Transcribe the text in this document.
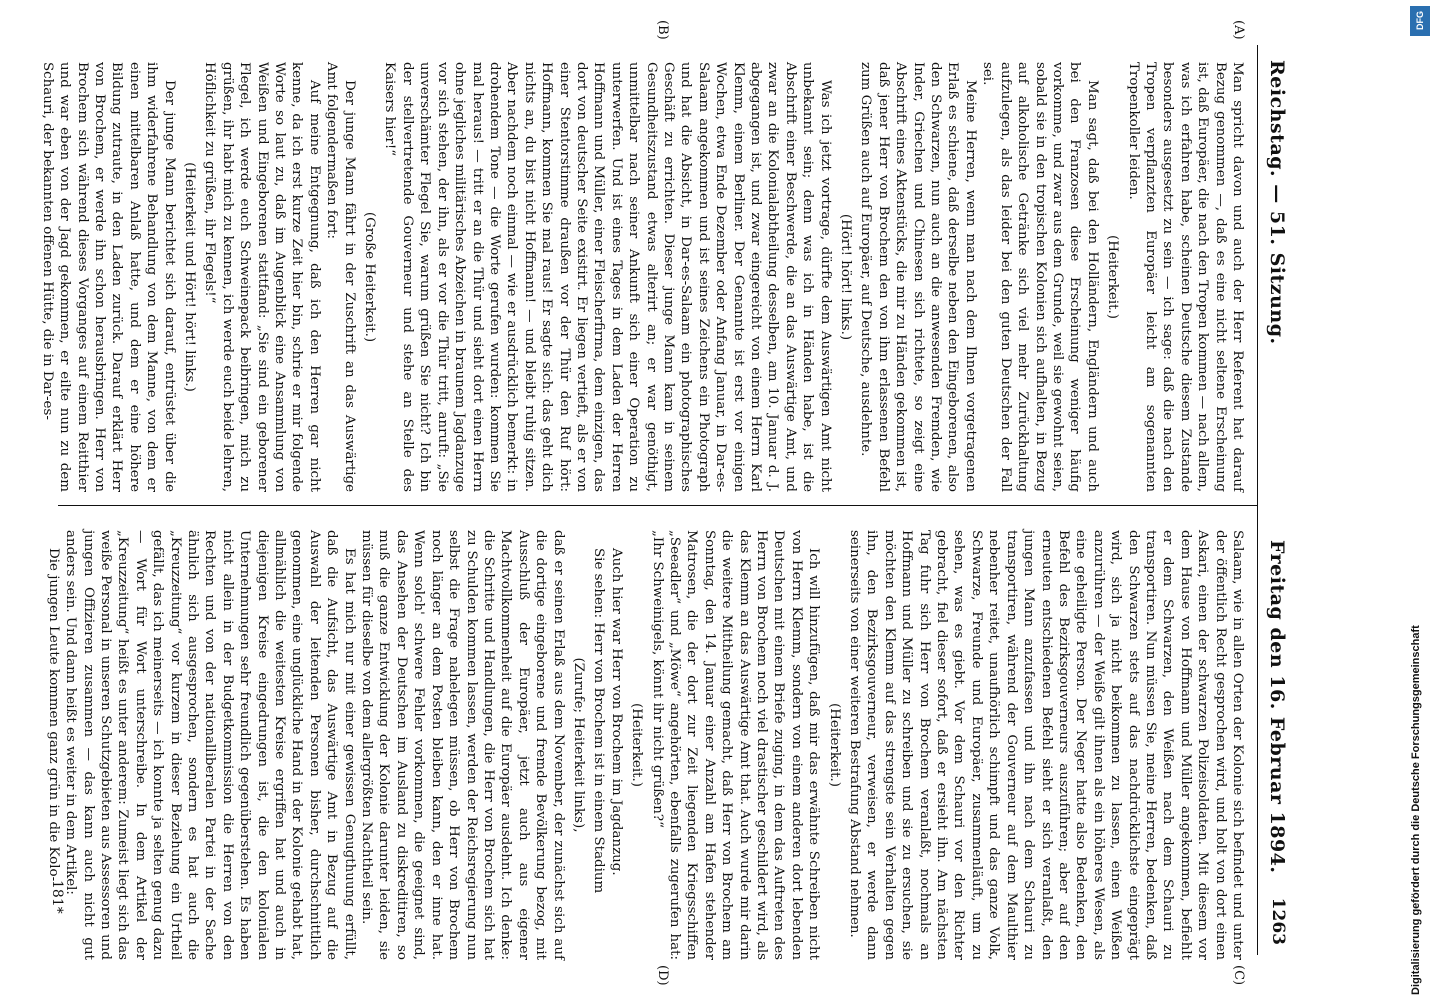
Reichstag. — 51. Sitzung.
Freitag den 16. Februar 1894.
1263
(A)
(B)
(C)
(D)

Man spricht davon und auch der Herr Referent hat darauf Bezug genommen —, daß es eine nicht seltene Erscheinung ist, daß Europäer, die nach den Tropen kommen — nach allem, was ich erfahren habe, scheinen Deutsche diesem Zustande besonders ausgesetzt zu sein — ich sage: daß die nach den Tropen verpflanzten Europäer leicht am sogenannten Tropenkoller leiden.

(Heiterkeit.)

Man sagt, daß bei den Holländern, Engländern und auch bei den Franzosen diese Erscheinung weniger häufig vorkomme, und zwar aus dem Grunde, weil sie gewohnt seien, sobald sie in den tropischen Kolonien sich aufhalten, in Bezug auf alkoholische Getränke sich viel mehr Zurückhaltung aufzulegen, als das leider bei den guten Deutschen der Fall sei.

Meine Herren, wenn man nach dem Ihnen vorgetragenen Erlaß es schiene, daß derselbe neben den Eingeborenen, also den Schwarzen, nun auch an die anwesenden Fremden, wie Inder, Griechen und Chinesen sich richtete, so zeigt eine Abschrift eines Aktenstücks, die mir zu Händen gekommen ist, daß jener Herr von Brochem den von ihm erlassenen Befehl zum Grüßen auch auf Europäer, auf Deutsche, ausdehnte.

(Hört! hört! links.)

Was ich jetzt vortrage, dürfte dem Auswärtigen Amt nicht unbekannt sein; denn was ich in Händen habe, ist die Abschrift einer Beschwerde, die an das Auswärtige Amt, und zwar an die Kolonialabtheilung desselben, am 10. Januar d. J. abgegangen ist, und zwar eingereicht von einem Herrn Karl Klemm, einem Berliner. Der Genannte ist erst vor einigen Wochen, etwa Ende Dezember oder Anfang Januar, in Dar-es-Salaam angekommen und ist seines Zeichens ein Photograph und hat die Absicht, in Dar-es-Salaam ein photographisches Geschäft zu errichten. Dieser junge Mann kam in seinem Gesundheitszustand etwas alterirt an; er war genöthigt, unmittelbar nach seiner Ankunft sich einer Operation zu unterwerfen. Und ist eines Tages in dem Laden der Herren Hoffmann und Müller, einer Fleischerfirma, dem einzigen, das dort von deutscher Seite existirt. Er liegen vertieft, als er von einer Stentorstimme draußen vor der Thür den Ruf hört: Hoffmann, kommen Sie mal raus! Er sagte sich: das geht dich nichts an, du bist nicht Hoffmann! — und bleibt ruhig sitzen. Aber nachdem noch einmal — wie er ausdrücklich bemerkt: in drohendem Tone — die Worte gerufen wurden: kommen Sie mal heraus! — tritt er an die Thür und sieht dort einen Herrn ohne jegliches militärisches Abzeichen in braunem Jagdanzuge vor sich stehen, der ihn, als er vor die Thür tritt, anruft: „Sie unverschämter Flegel Sie, warum grüßen Sie nicht? Ich bin der stellvertretende Gouverneur und stehe an Stelle des Kaisers hier!“

(Große Heiterkeit.)

Der junge Mann fährt in der Zuschrift an das Auswärtige Amt folgendermaßen fort:

Auf meine Entgegnung, daß ich den Herren gar nicht kenne, da ich erst kurze Zeit hier bin, schrie er mir folgende Worte so laut zu, daß im Augenblick eine Ansammlung von Weißen und Eingeborenen stattfand: „Sie sind ein geborener Flegel, ich werde euch Schweinepack beibringen, mich zu grüßen, ihr habt mich zu kennen, ich werde euch beide lehren, Höflichkeit zu grüßen, ihr Flegels!“

(Heiterkeit und Hört! hört! links.)

Der junge Mann berichtet sich darauf, entrüstet über die ihm widerfahrene Behandlung von dem Manne, von dem er einen mittelbaren Anlaß hatte, und dem er eine höhere Bildung zutraute, in den Laden zurück. Darauf erklärt Herr von Brochem, er werde ihn schon herausbringen. Herr von Brochem sich während dieses Vorganges auf einem Reitthier und war eben von der Jagd gekommen, er eilte nun zu dem Schauri, der bekannten offenen Hütte, die in Dar-es-

Salaam, wie in allen Orten der Kolonie sich befindet und unter der öffentlich Recht gesprochen wird, und holt von dort einen Askari, einen der schwarzen Polizeisoldaten. Mit diesem vor dem Hause von Hoffmann und Müller angekommen, befiehlt er dem Schwarzen, den Weißen nach dem Schauri zu transportiren. Nun müssen Sie, meine Herren, bedenken, daß den Schwarzen stets auf das nachdrücklichste eingeprägt wird, sich ja nicht beikommen zu lassen, einen Weißen anzurühren — der Weiße gilt ihnen als ein höheres Wesen, als eine geheiligte Person. Der Neger hatte also Bedenken, den Befehl des Bezirksgouverneurs auszuführen; aber auf den erneuten entschiedenen Befehl sieht er sich veranlaßt, den jungen Mann anzufassen und ihn nach dem Schauri zu transportiren, während der Gouverneur auf dem Maulthier nebenher reitet, unaufhörlich schimpft und das ganze Volk, Schwarze, Freunde und Europäer, zusammenläuft, um zu sehen, was es giebt. Vor dem Schauri vor den Richter gebracht, fiel dieser sofort, daß er ersieht ihn. Am nächsten Tag fuhr sich Herr von Brochem veranlaßt, nochmals an Hoffmann und Müller zu schreiben und sie zu ersuchen, sie möchten den Klemm auf das strengste sein Verhalten gegen ihn, den Bezirksgouverneur, verweisen, er werde dann seinerseits von einer weiteren Bestrafung Abstand nehmen.

(Heiterkeit.)

Ich will hinzufügen, daß mir das erwähnte Schreiben nicht von Herrn Klemm, sondern von einem anderen dort lebenden Deutschen mit einem Briefe zuging, in dem das Auftreten des Herrn von Brochem noch viel drastischer geschildert wird, als das Klemm an das Auswärtige Amt that. Auch wurde mir darin die weitere Mittheilung gemacht, daß Herr von Brochem am Sonntag, den 14. Januar einer Anzahl am Hafen stehender Matrosen, die der dort zur Zeit liegenden Kriegsschiffen „Seeadler“ und „Möwe“ angehörten, ebenfalls zugerufen hat: „Ihr Schweinigels, könnt ihr nicht grüßen?“

(Heiterkeit.)

Auch hier war Herr von Brochem im Jagdanzug.

Sie sehen: Herr von Brochem ist in einem Stadium

(Zurufe; Heiterkeit links),

daß er seinen Erlaß aus dem November, der zunächst sich auf die dortige eingeborene und fremde Bevölkerung bezog, mit Ausschluß der Europäer, jetzt auch aus eigener Machtvollkommenheit auf die Europäer ausdehnt. Ich denke: die Schritte und Handlungen, die Herr von Brochem sich hat zu Schulden kommen lassen, werden der Reichsregierung nun selbst die Frage nahelegen müssen, ob Herr von Brochem noch länger an dem Posten bleiben kann, den er inne hat. Wenn solch' schwere Fehler vorkommen, die geeignet sind, das Ansehen der Deutschen im Ausland zu diskreditiren, so muß die ganze Entwicklung der Kolonie darunter leiden, sie müssen für dieselbe von dem allergrößten Nachtheil sein.

Es hat mich nur mit einer gewissen Genugthuung erfüllt, daß die Aufsicht, das Auswärtige Amt in Bezug auf die Auswahl der leitenden Personen bisher, durchschnittlich genommen, eine unglückliche Hand in der Kolonie gehabt hat, allmählich die weitesten Kreise ergriffen hat und auch in diejenigen Kreise eingedrungen ist, die den kolonialen Unternehmungen sehr freundlich gegenüberstehen. Es haben nicht allein in der Budgetkommission die Herren von den Rechten und von der nationalliberalen Partei in der Sache ähnlich sich ausgesprochen, sondern es hat auch die „Kreuzzeitung“ vor kurzem in dieser Beziehung ein Urtheil gefällt, das ich meinerseits — ich konnte ja selten genug dazu — Wort für Wort unterschreibe. In dem Artikel der „Kreuzzeitung“ heißt es unter anderem: Zumeist liegt sich das weiße Personal in unseren Schutzgebieten aus Assessoren und jungen Offizieren zusammen — das kann auch nicht gut anders sein. Und dann heißt es weiter in dem Artikel:

Die jungen Leute kommen ganz grün in die Kolo-

181*
DFG
Digitalisierung gefördert durch die Deutsche Forschungsgemeinschaft
